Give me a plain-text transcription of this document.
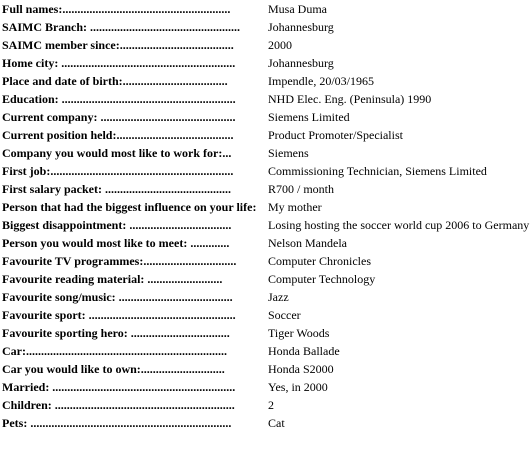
Full names:........................................................	Musa Duma
SAIMC Branch: ..................................................	Johannesburg
SAIMC member since:......................................	2000
Home city: ..........................................................	Johannesburg
Place and date of birth:...................................	Impendle, 20/03/1965
Education: ..........................................................	NHD Elec. Eng. (Peninsula) 1990
Current company: .............................................	Siemens Limited
Current position held:.......................................	Product Promoter/Specialist
Company you would most like to work for:...	Siemens
First job:.............................................................	Commissioning Technician, Siemens Limited
First salary packet: ..........................................	R700 / month
Person that had the biggest influence on your life: My mother
Biggest disappointment: ..................................	Losing hosting the soccer world cup 2006 to Germany
Person you would most like to meet: .............	Nelson Mandela
Favourite TV programmes:...............................	Computer Chronicles
Favourite reading material: .........................	Computer Technology
Favourite song/music: ......................................	Jazz
Favourite sport: .................................................	Soccer
Favourite sporting hero: .................................	Tiger Woods
Car:...................................................................	Honda Ballade
Car you would like to own:............................	Honda S2000
Married: .............................................................	Yes, in 2000
Children: ............................................................	2
Pets: ...................................................................	Cat
